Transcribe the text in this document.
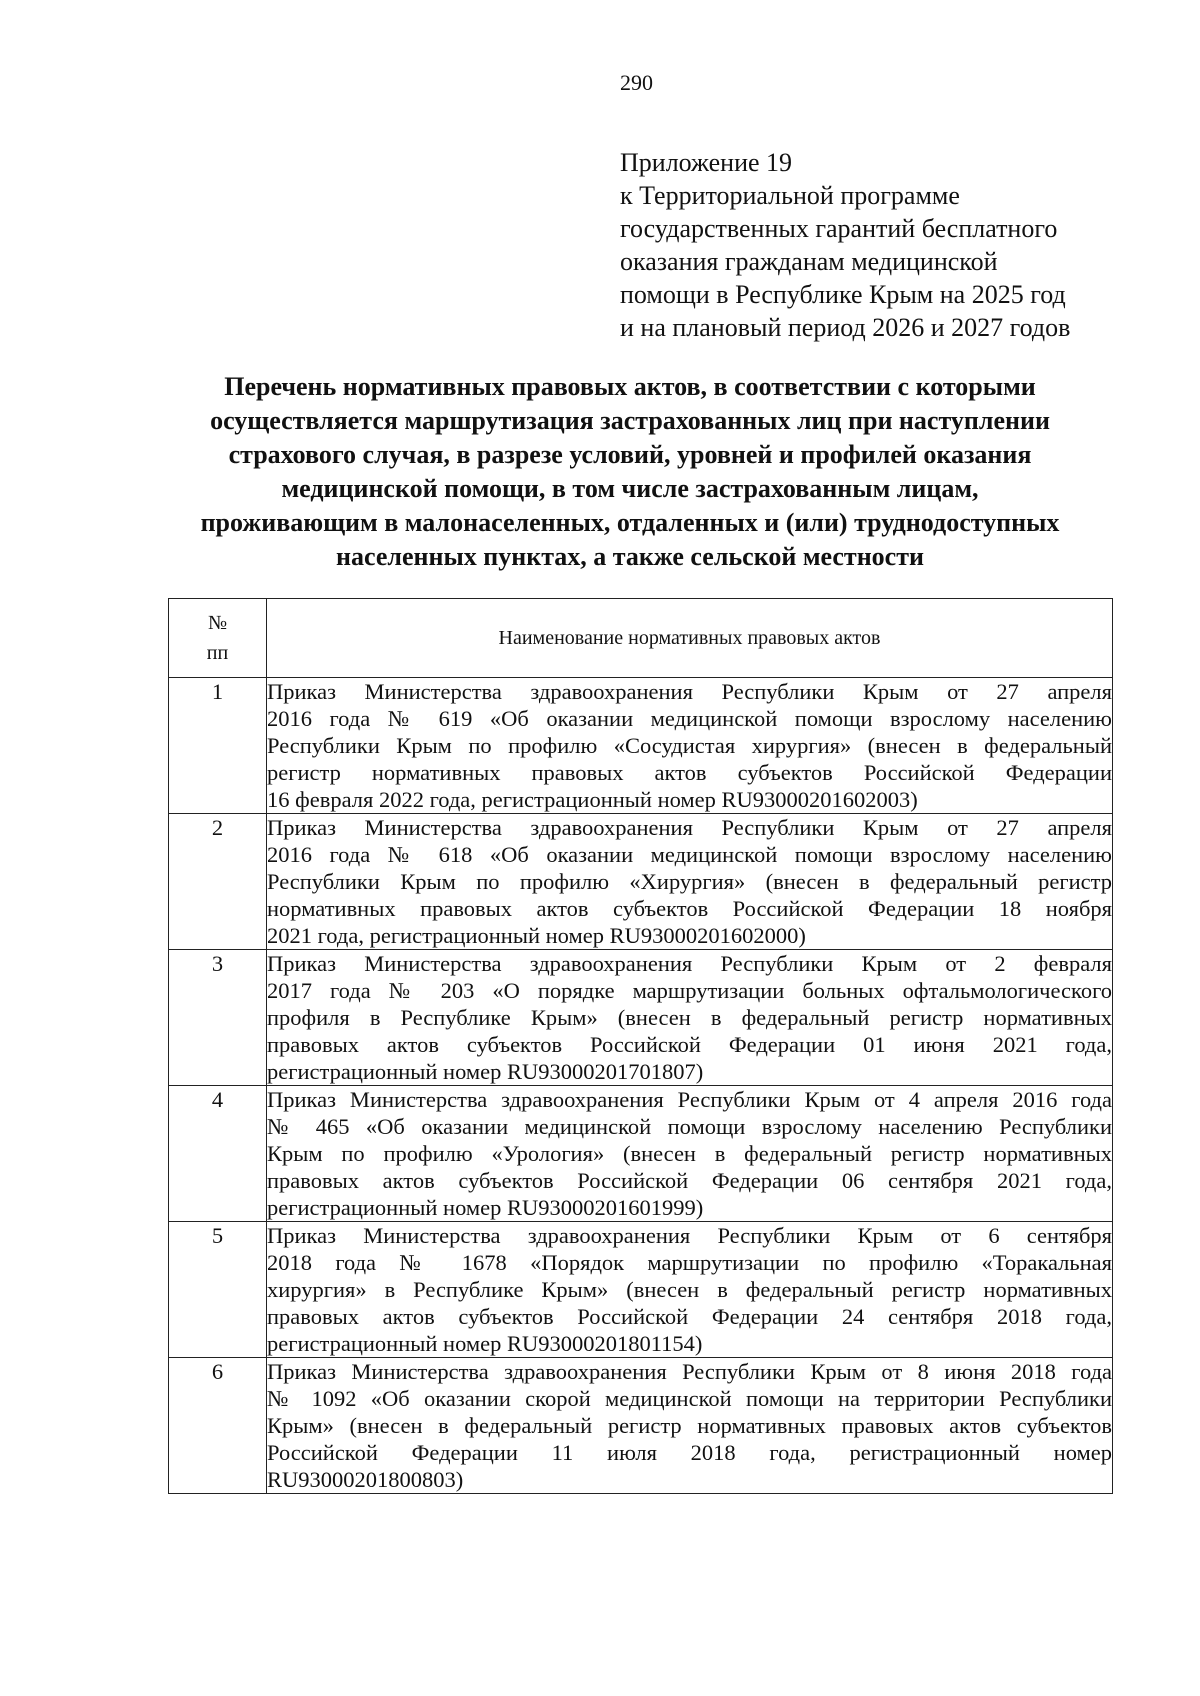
290
Приложение 19
к Территориальной программе
государственных гарантий бесплатного
оказания гражданам медицинской
помощи в Республике Крым на 2025 год
и на плановый период 2026 и 2027 годов
Перечень нормативных правовых актов, в соответствии с которыми
осуществляется маршрутизация застрахованных лиц при наступлении
страхового случая, в разрезе условий, уровней и профилей оказания
медицинской помощи, в том числе застрахованным лицам,
проживающим в малонаселенных, отдаленных и (или) труднодоступных
населенных пунктах, а также сельской местности
№
пп	Наименование нормативных правовых актов
1	Приказ Министерства здравоохранения Республики Крым от 27 апреля
2016 года № 619 «Об оказании медицинской помощи взрослому населению
Республики Крым по профилю «Сосудистая хирургия» (внесен в федеральный
регистр нормативных правовых актов субъектов Российской Федерации
16 февраля 2022 года, регистрационный номер RU93000201602003)

2	Приказ Министерства здравоохранения Республики Крым от 27 апреля
2016 года № 618 «Об оказании медицинской помощи взрослому населению
Республики Крым по профилю «Хирургия» (внесен в федеральный регистр
нормативных правовых актов субъектов Российской Федерации 18 ноября
2021 года, регистрационный номер RU93000201602000)

3	Приказ Министерства здравоохранения Республики Крым от 2 февраля
2017 года № 203 «О порядке маршрутизации больных офтальмологического
профиля в Республике Крым» (внесен в федеральный регистр нормативных
правовых актов субъектов Российской Федерации 01 июня 2021 года,
регистрационный номер RU93000201701807)

4	Приказ Министерства здравоохранения Республики Крым от 4 апреля 2016 года
№ 465 «Об оказании медицинской помощи взрослому населению Республики
Крым по профилю «Урология» (внесен в федеральный регистр нормативных
правовых актов субъектов Российской Федерации 06 сентября 2021 года,
регистрационный номер RU93000201601999)

5	Приказ Министерства здравоохранения Республики Крым от 6 сентября
2018 года № 1678 «Порядок маршрутизации по профилю «Торакальная
хирургия» в Республике Крым» (внесен в федеральный регистр нормативных
правовых актов субъектов Российской Федерации 24 сентября 2018 года,
регистрационный номер RU93000201801154)

6	Приказ Министерства здравоохранения Республики Крым от 8 июня 2018 года
№ 1092 «Об оказании скорой медицинской помощи на территории Республики
Крым» (внесен в федеральный регистр нормативных правовых актов субъектов
Российской Федерации 11 июля 2018 года, регистрационный номер
RU93000201800803)
